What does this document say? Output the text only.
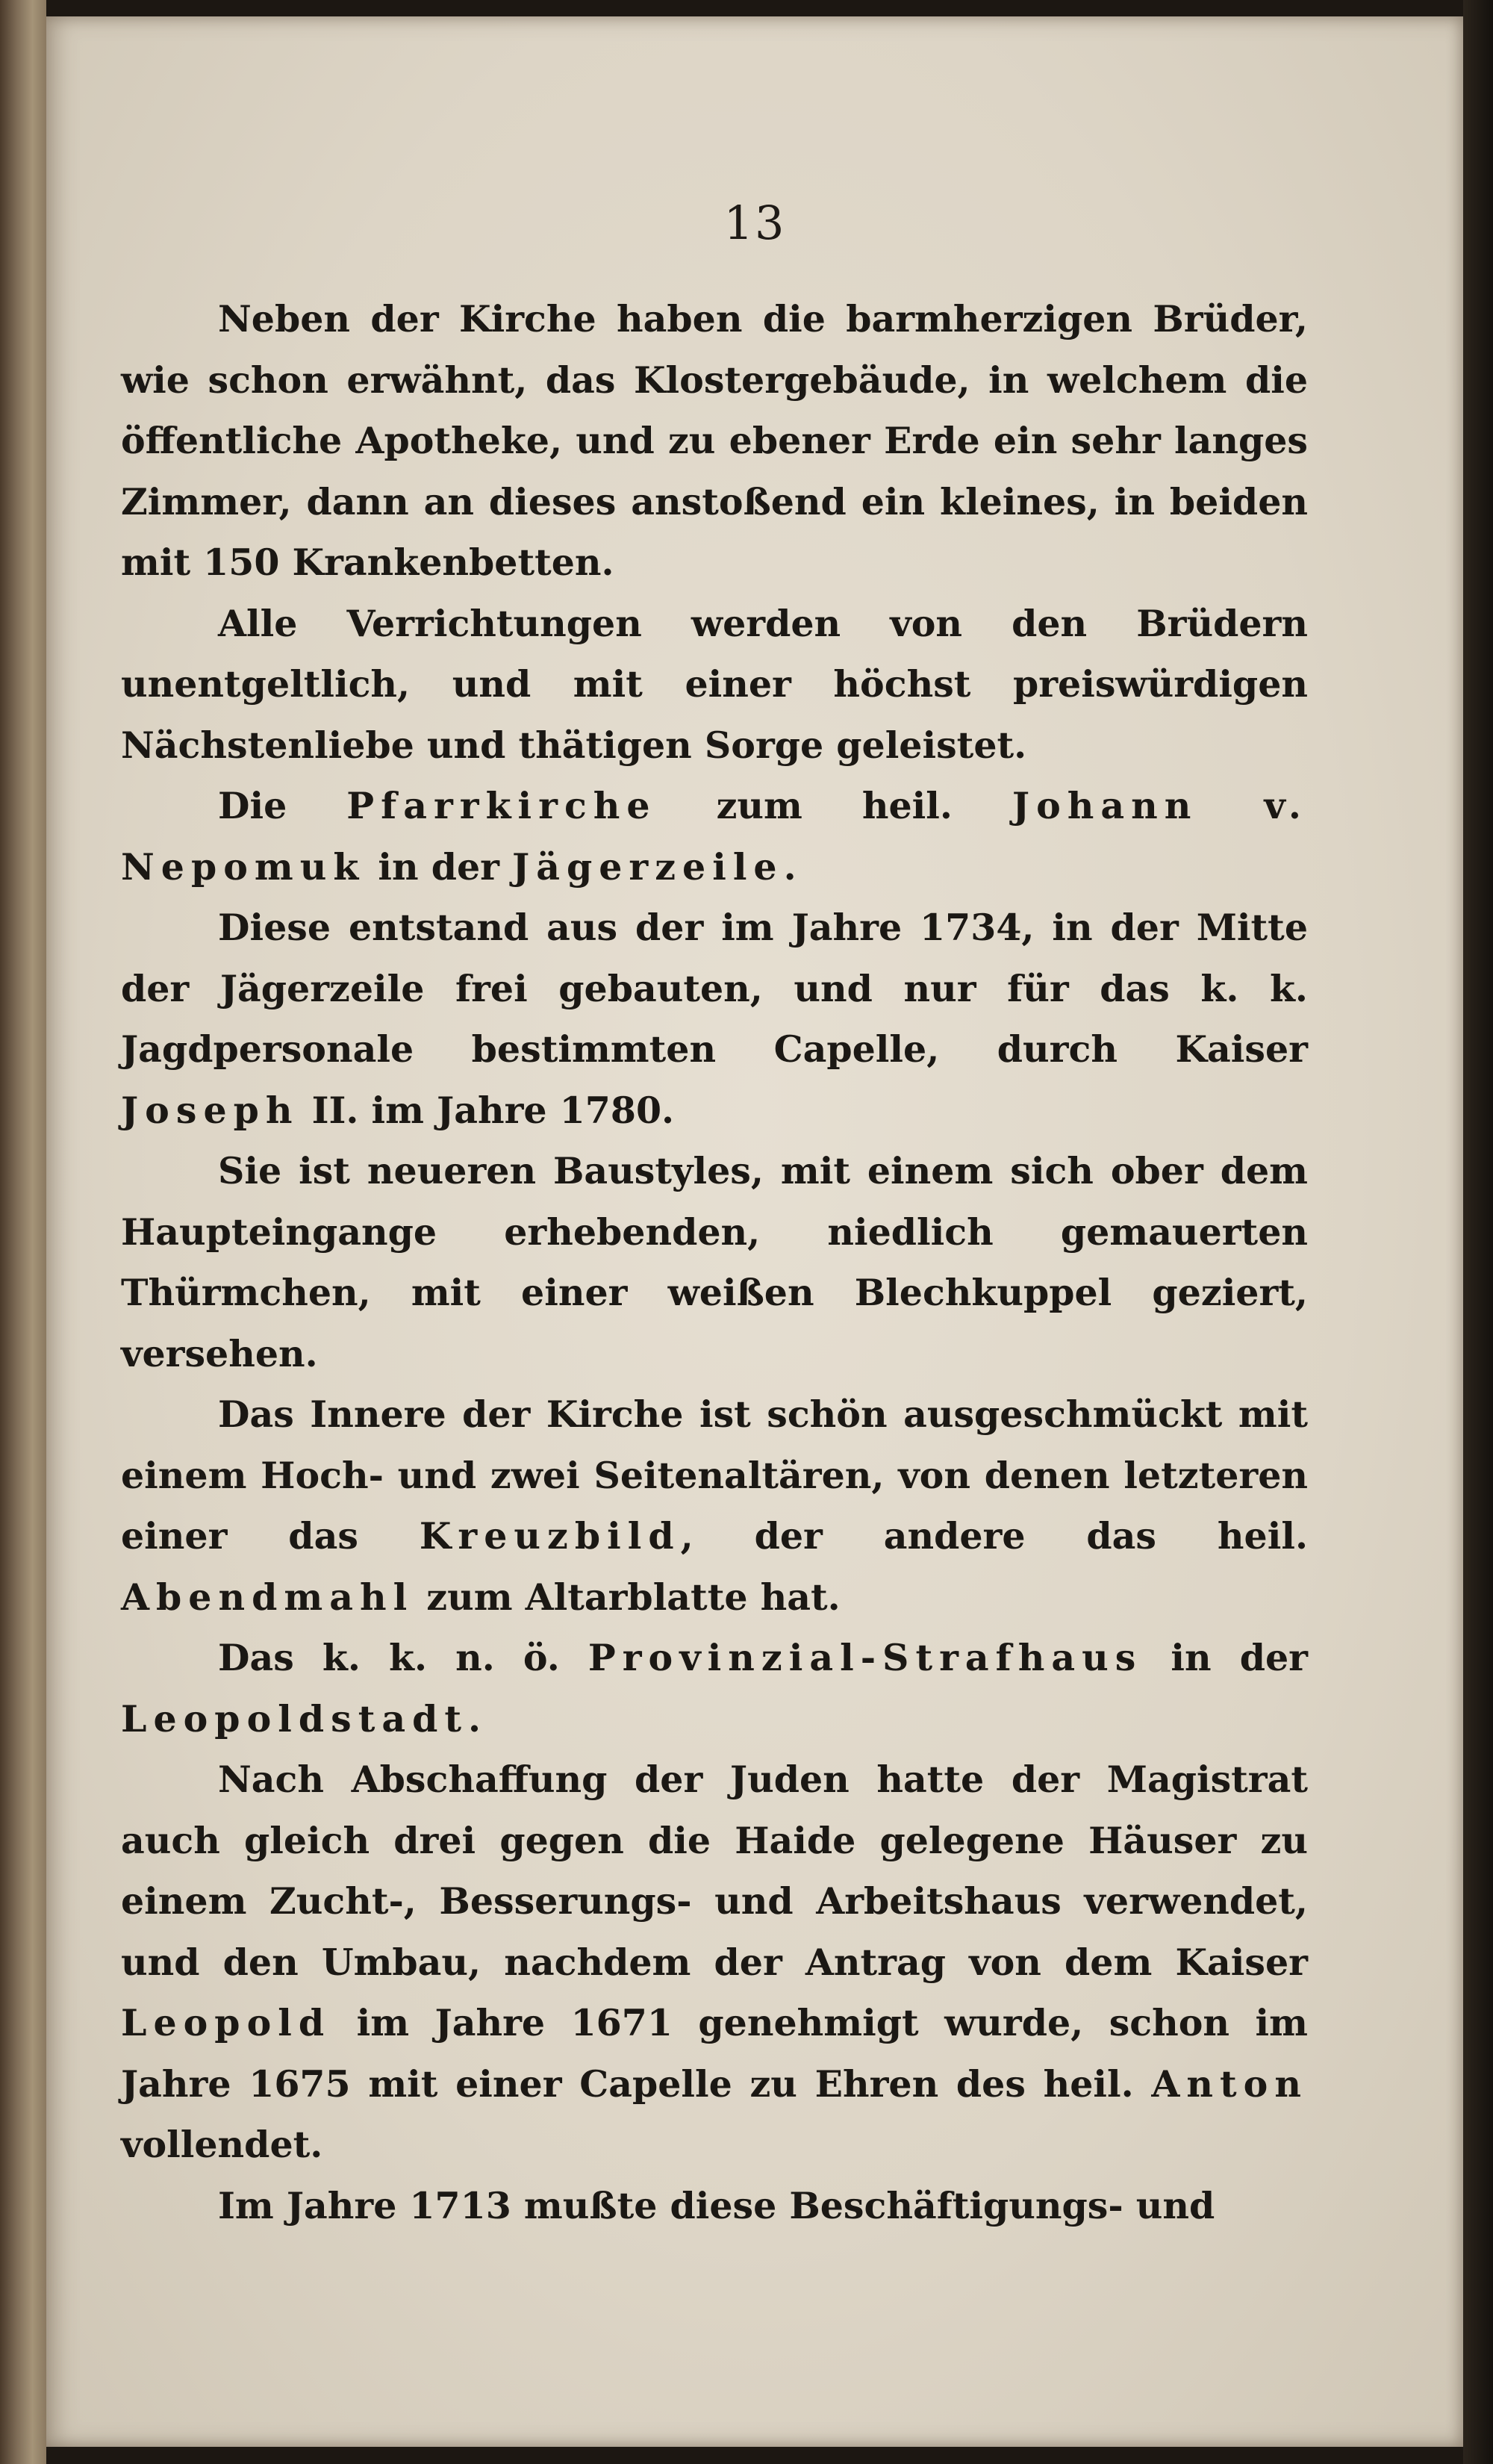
13

Neben der Kirche haben die barmherzigen Brüder, wie schon erwähnt, das Klostergebäude, in welchem die öffentliche Apotheke, und zu ebener Erde ein sehr langes Zimmer, dann an dieses anstoßend ein kleines, in beiden mit 150 Krankenbetten.

Alle Verrichtungen werden von den Brüdern unentgeltlich, und mit einer höchst preiswürdigen Nächstenliebe und thätigen Sorge geleistet.

Die Pfarrkirche zum heil. Johann v. Nepomuk in der Jägerzeile.

Diese entstand aus der im Jahre 1734, in der Mitte der Jägerzeile frei gebauten, und nur für das k. k. Jagdpersonale bestimmten Capelle, durch Kaiser Joseph II. im Jahre 1780.

Sie ist neueren Baustyles, mit einem sich ober dem Haupteingange erhebenden, niedlich gemauerten Thürmchen, mit einer weißen Blechkuppel geziert, versehen.

Das Innere der Kirche ist schön ausgeschmückt mit einem Hoch- und zwei Seitenaltären, von denen letzteren einer das Kreuzbild, der andere das heil. Abendmahl zum Altarblatte hat.

Das k. k. n. ö. Provinzial-Strafhaus in der Leopoldstadt.

Nach Abschaffung der Juden hatte der Magistrat auch gleich drei gegen die Haide gelegene Häuser zu einem Zucht-, Besserungs- und Arbeitshaus verwendet, und den Umbau, nachdem der Antrag von dem Kaiser Leopold im Jahre 1671 genehmigt wurde, schon im Jahre 1675 mit einer Capelle zu Ehren des heil. Anton vollendet.

Im Jahre 1713 mußte diese Beschäftigungs- und
